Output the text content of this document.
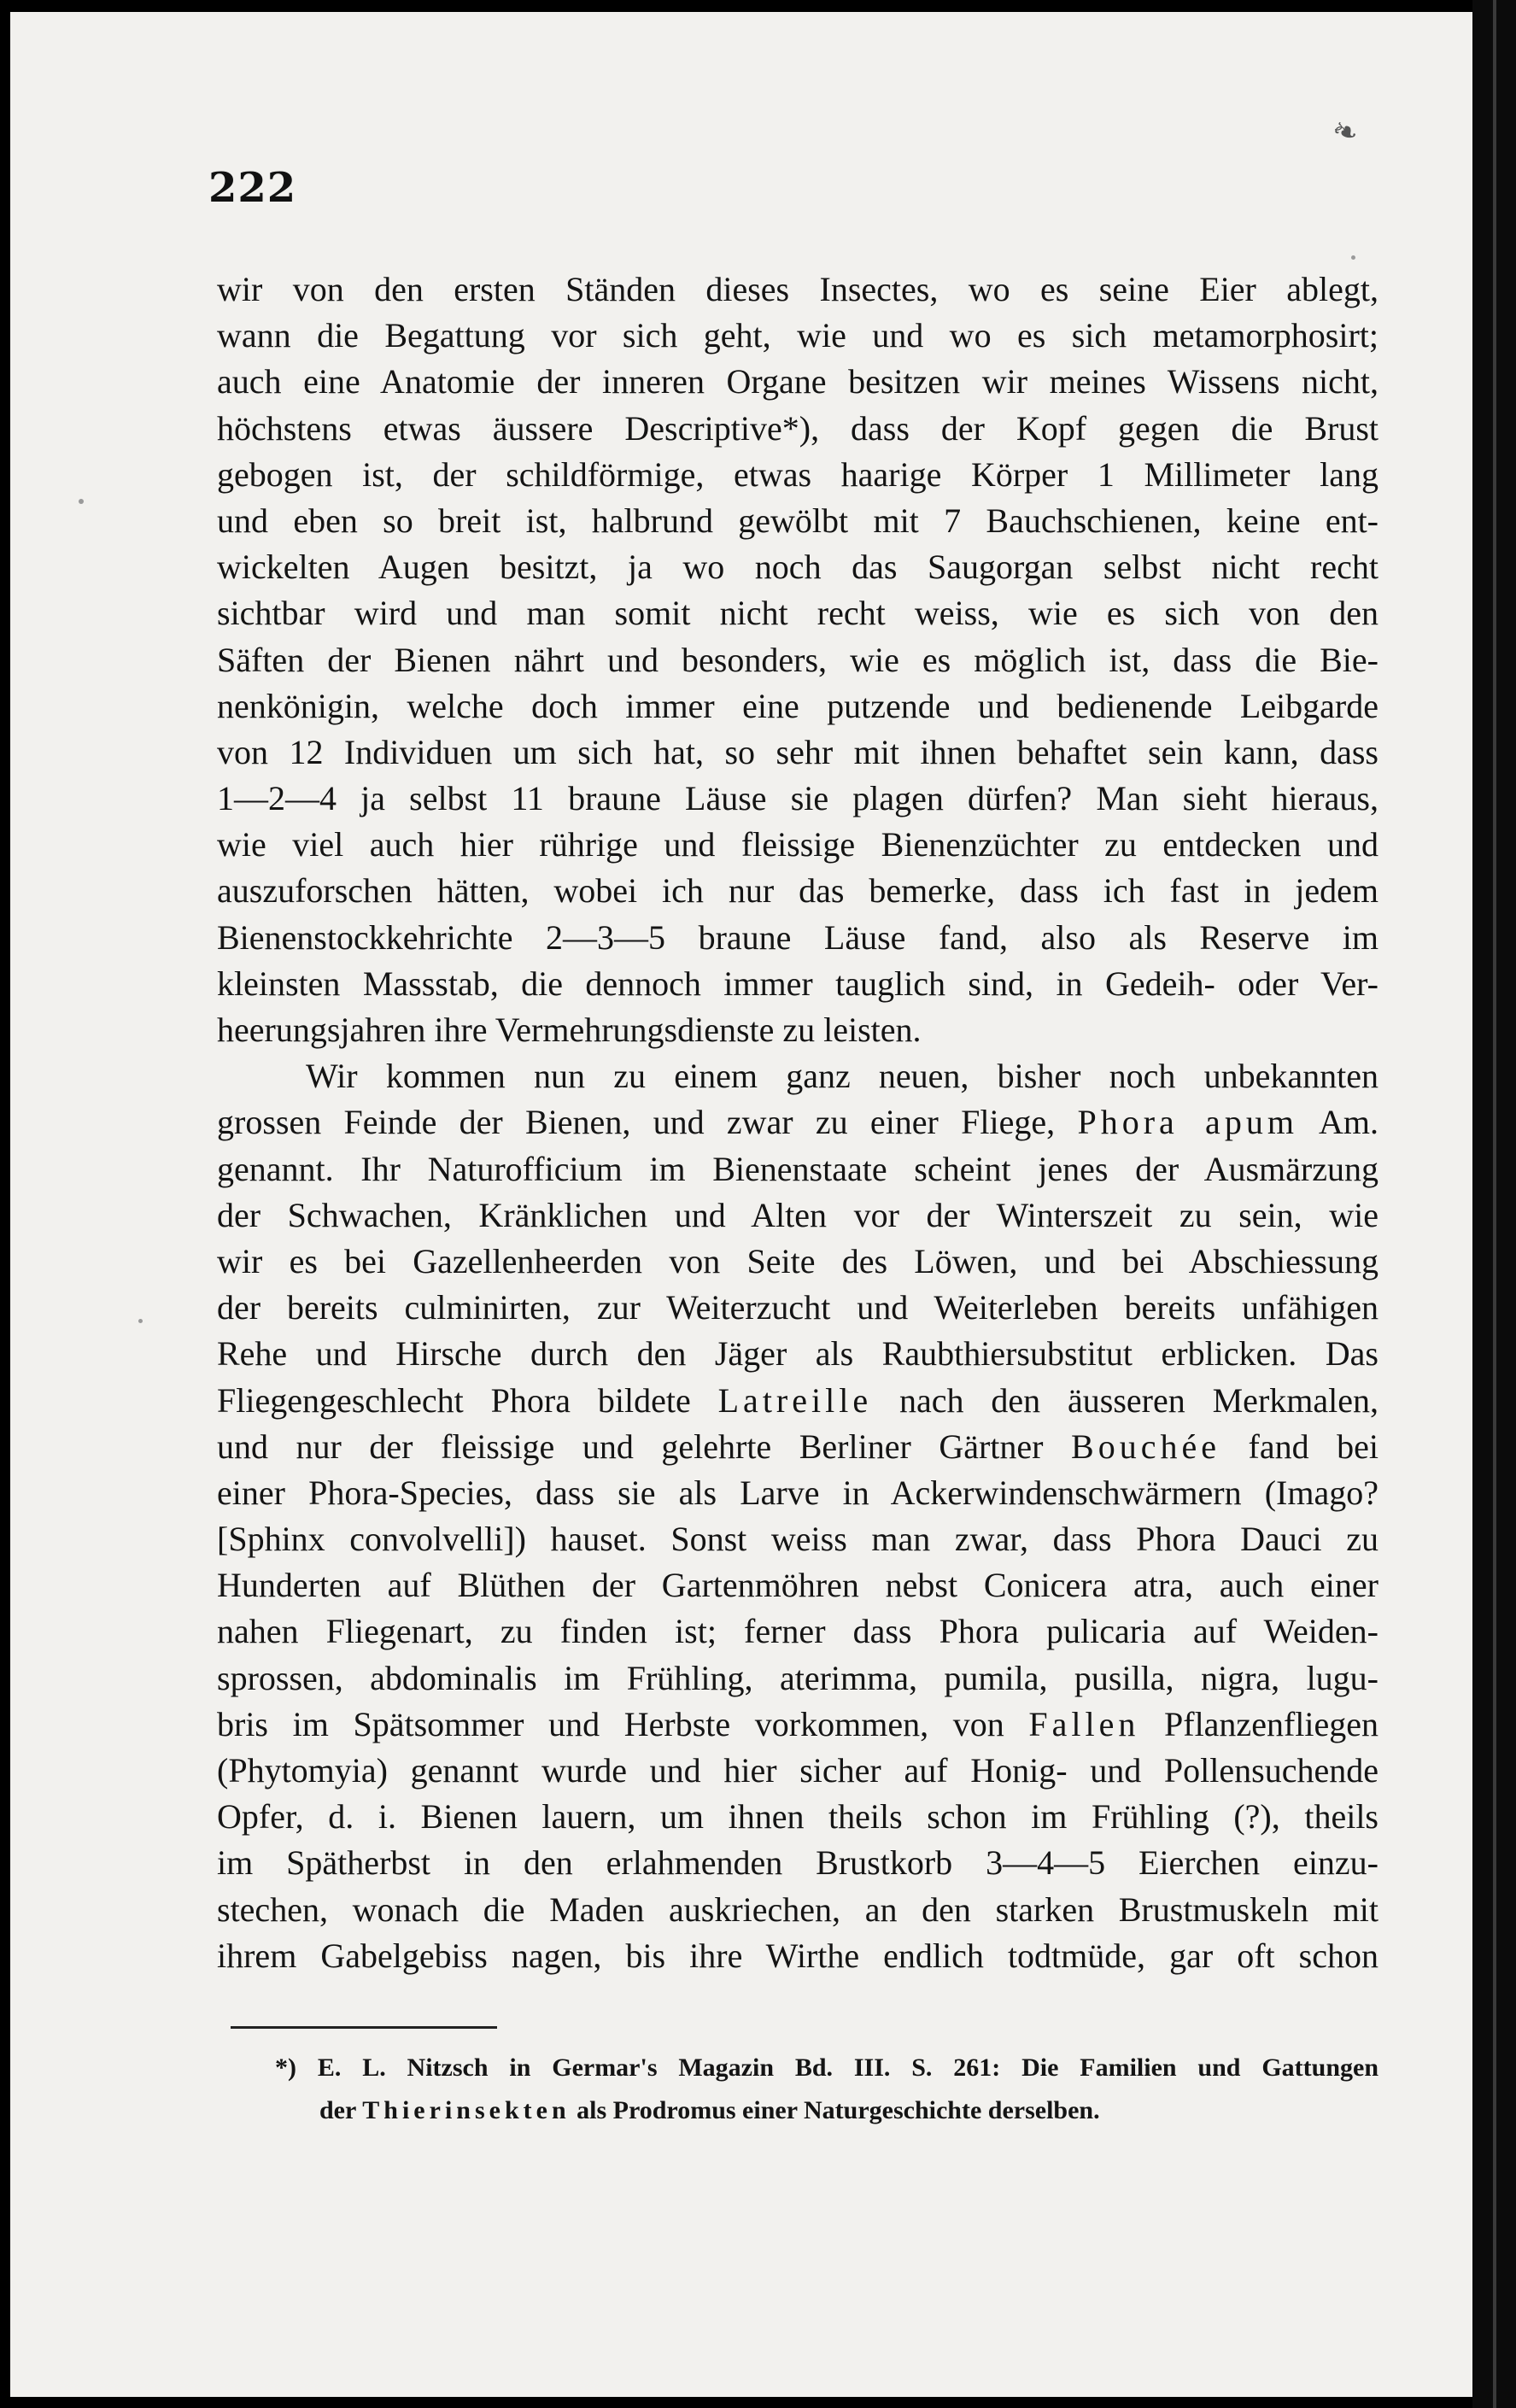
222
❧
wir von den ersten Ständen dieses Insectes, wo es seine Eier ablegt,
wann die Begattung vor sich geht, wie und wo es sich metamorphosirt;
auch eine Anatomie der inneren Organe besitzen wir meines Wissens nicht,
höchstens etwas äussere Descriptive*), dass der Kopf gegen die Brust
gebogen ist, der schildförmige, etwas haarige Körper 1 Millimeter lang
und eben so breit ist, halbrund gewölbt mit 7 Bauchschienen, keine ent-
wickelten Augen besitzt, ja wo noch das Saugorgan selbst nicht recht
sichtbar wird und man somit nicht recht weiss, wie es sich von den
Säften der Bienen nährt und besonders, wie es möglich ist, dass die Bie-
nenkönigin, welche doch immer eine putzende und bedienende Leibgarde
von 12 Individuen um sich hat, so sehr mit ihnen behaftet sein kann, dass
1—2—4 ja selbst 11 braune Läuse sie plagen dürfen? Man sieht hieraus,
wie viel auch hier rührige und fleissige Bienenzüchter zu entdecken und
auszuforschen hätten, wobei ich nur das bemerke, dass ich fast in jedem
Bienenstockkehrichte 2—3—5 braune Läuse fand, also als Reserve im
kleinsten Massstab, die dennoch immer tauglich sind, in Gedeih- oder Ver-
heerungsjahren ihre Vermehrungsdienste zu leisten.
Wir kommen nun zu einem ganz neuen, bisher noch unbekannten
grossen Feinde der Bienen, und zwar zu einer Fliege, Phora apum Am.
genannt. Ihr Naturofficium im Bienenstaate scheint jenes der Ausmärzung
der Schwachen, Kränklichen und Alten vor der Winterszeit zu sein, wie
wir es bei Gazellenheerden von Seite des Löwen, und bei Abschiessung
der bereits culminirten, zur Weiterzucht und Weiterleben bereits unfähigen
Rehe und Hirsche durch den Jäger als Raubthiersubstitut erblicken. Das
Fliegengeschlecht Phora bildete Latreille nach den äusseren Merkmalen,
und nur der fleissige und gelehrte Berliner Gärtner Bouchée fand bei
einer Phora-Species, dass sie als Larve in Ackerwindenschwärmern (Imago?
[Sphinx convolvelli]) hauset. Sonst weiss man zwar, dass Phora Dauci zu
Hunderten auf Blüthen der Gartenmöhren nebst Conicera atra, auch einer
nahen Fliegenart, zu finden ist; ferner dass Phora pulicaria auf Weiden-
sprossen, abdominalis im Frühling, aterimma, pumila, pusilla, nigra, lugu-
bris im Spätsommer und Herbste vorkommen, von Fallen Pflanzenfliegen
(Phytomyia) genannt wurde und hier sicher auf Honig- und Pollensuchende
Opfer, d. i. Bienen lauern, um ihnen theils schon im Frühling (?), theils
im Spätherbst in den erlahmenden Brustkorb 3—4—5 Eierchen einzu-
stechen, wonach die Maden auskriechen, an den starken Brustmuskeln mit
ihrem Gabelgebiss nagen, bis ihre Wirthe endlich todtmüde, gar oft schon
*) E. L. Nitzsch in Germar's Magazin Bd. III. S. 261: Die Familien und Gattungen
der Thierinsekten als Prodromus einer Naturgeschichte derselben.
